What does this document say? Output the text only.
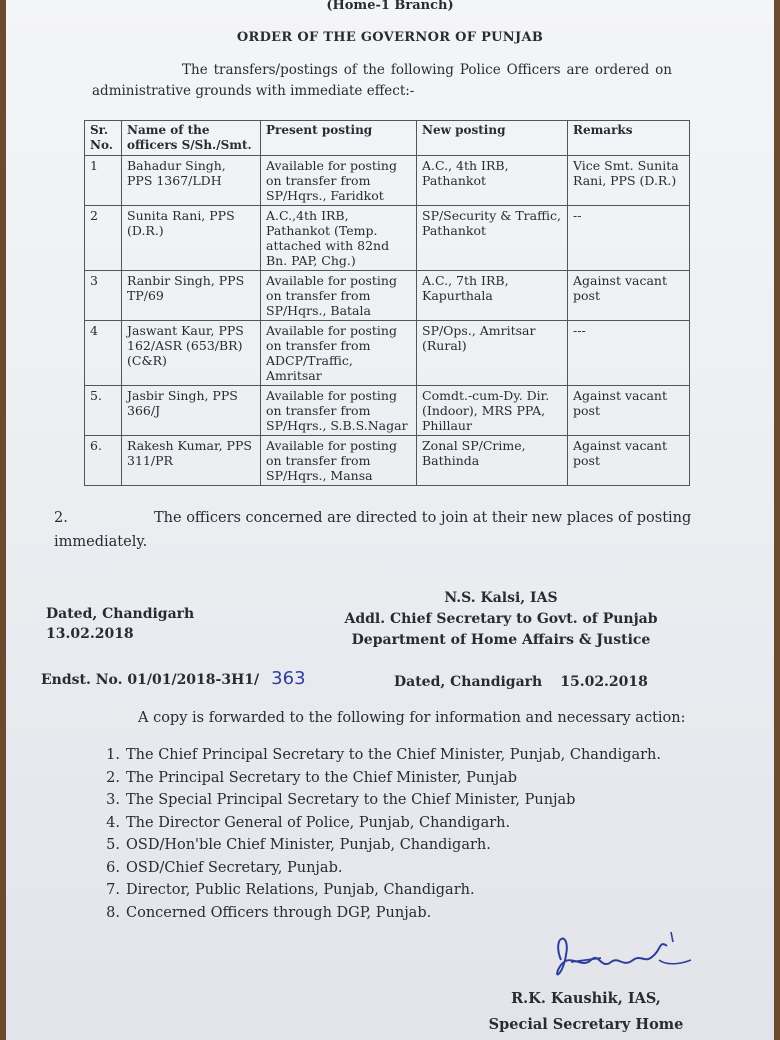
(Home-1 Branch)
ORDER OF THE GOVERNOR OF PUNJAB
The transfers/postings of the following Police Officers are ordered on administrative grounds with immediate effect:-
Sr. No.	Name of the officers S/Sh./Smt.	Present posting	New posting	Remarks
1	Bahadur Singh, PPS 1367/LDH	Available for posting on transfer from SP/Hqrs., Faridkot	A.C., 4th IRB, Pathankot	Vice Smt. Sunita Rani, PPS (D.R.)
2	Sunita Rani, PPS (D.R.)	A.C.,4th IRB, Pathankot (Temp. attached with 82nd Bn. PAP, Chg.)	SP/Security & Traffic, Pathankot	--
3	Ranbir Singh, PPS TP/69	Available for posting on transfer from SP/Hqrs., Batala	A.C., 7th IRB, Kapurthala	Against vacant post
4	Jaswant Kaur, PPS 162/ASR (653/BR) (C&R)	Available for posting on transfer from ADCP/Traffic, Amritsar	SP/Ops., Amritsar (Rural)	---
5.	Jasbir Singh, PPS 366/J	Available for posting on transfer from SP/Hqrs., S.B.S.Nagar	Comdt.-cum-Dy. Dir. (Indoor), MRS PPA, Phillaur	Against vacant post
6.	Rakesh Kumar, PPS 311/PR	Available for posting on transfer from SP/Hqrs., Mansa	Zonal SP/Crime, Bathinda	Against vacant post
2.	The officers concerned are directed to join at their new places of posting immediately.
Dated, Chandigarh
13.02.2018
N.S. Kalsi, IAS
Addl. Chief Secretary to Govt. of Punjab
Department of Home Affairs & Justice
Endst. No. 01/01/2018-3H1/ 363	Dated, Chandigarh 15.02.2018
A copy is forwarded to the following for information and necessary action:
1. The Chief Principal Secretary to the Chief Minister, Punjab, Chandigarh.
2. The Principal Secretary to the Chief Minister, Punjab
3. The Special Principal Secretary to the Chief Minister, Punjab
4. The Director General of Police, Punjab, Chandigarh.
5. OSD/Hon'ble Chief Minister, Punjab, Chandigarh.
6. OSD/Chief Secretary, Punjab.
7. Director, Public Relations, Punjab, Chandigarh.
8. Concerned Officers through DGP, Punjab.
R.K. Kaushik, IAS,
Special Secretary Home
